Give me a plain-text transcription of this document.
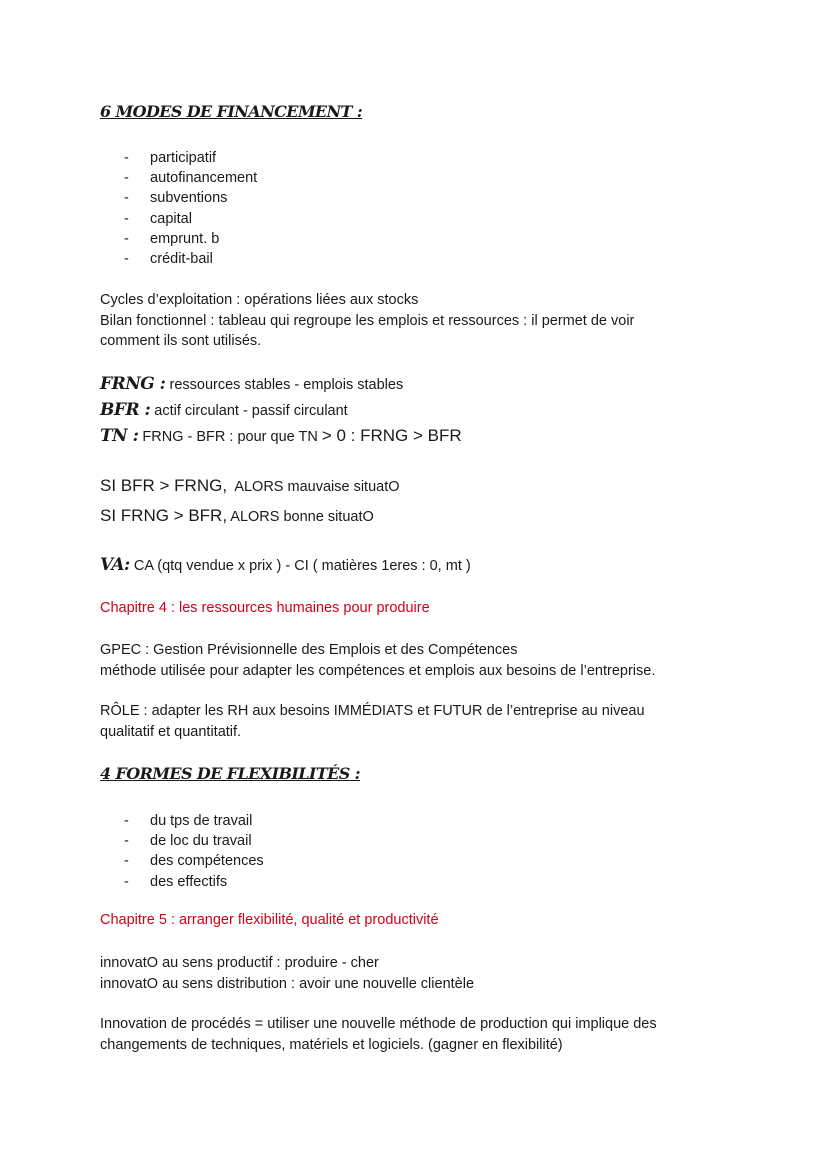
6 MODES DE FINANCEMENT :
- participatif
- autofinancement
- subventions
- capital
- emprunt. b
- crédit-bail
Cycles d’exploitation : opérations liées aux stocks
Bilan fonctionnel : tableau qui regroupe les emplois et ressources : il permet de voir
comment ils sont utilisés.
FRNG : ressources stables - emplois stables
BFR : actif circulant - passif circulant
TN : FRNG - BFR : pour que TN > 0 : FRNG > BFR
SI BFR > FRNG, ALORS mauvaise situatO
SI FRNG > BFR, ALORS bonne situatO
VA: CA (qtq vendue x prix ) - CI ( matières 1eres : 0, mt )
Chapitre 4 : les ressources humaines pour produire
GPEC : Gestion Prévisionnelle des Emplois et des Compétences
méthode utilisée pour adapter les compétences et emplois aux besoins de l’entreprise.
RÔLE : adapter les RH aux besoins IMMÉDIATS et FUTUR de l’entreprise au niveau
qualitatif et quantitatif.
4 FORMES DE FLEXIBILITÉS :
- du tps de travail
- de loc du travail
- des compétences
- des effectifs
Chapitre 5 : arranger flexibilité, qualité et productivité
innovatO au sens productif : produire - cher
innovatO au sens distribution : avoir une nouvelle clientèle
Innovation de procédés = utiliser une nouvelle méthode de production qui implique des
changements de techniques, matériels et logiciels. (gagner en flexibilité)
